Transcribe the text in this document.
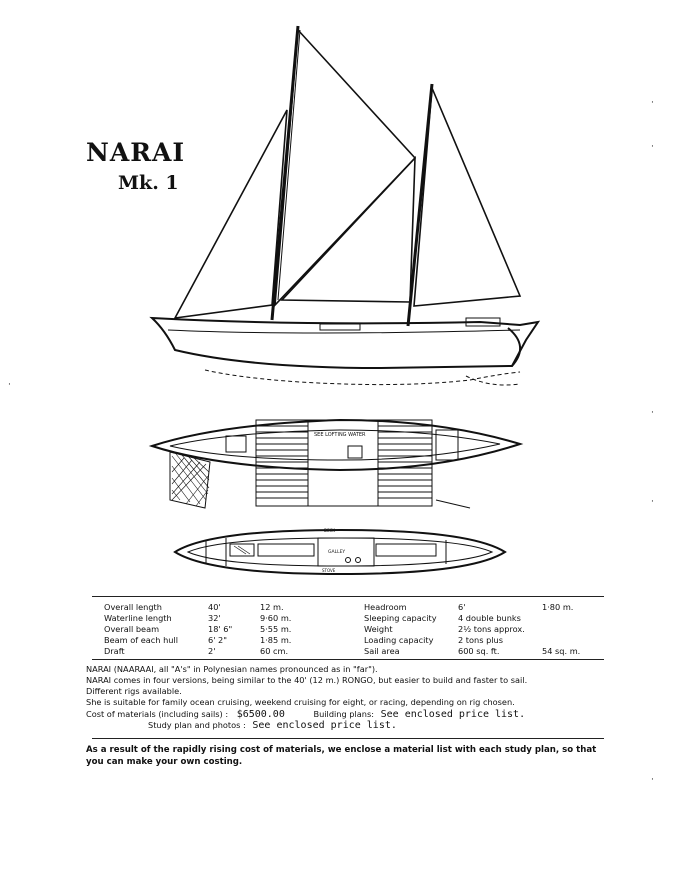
NARAI
Mk. 1
SEE LOFTING WATER
GALLEY
DECK
STOVE
Overall length	40'	12 m.	Headroom	6'	1·80 m.
Waterline length	32'	9·60 m.	Sleeping capacity	4 double bunks
Overall beam	18' 6"	5·55 m.	Weight	2½ tons approx.
Beam of each hull	6' 2"	1·85 m.	Loading capacity	2 tons plus
Draft	2'	60 cm.	Sail area	600 sq. ft.	54 sq. m.
NARAI (NAARAAI, all "A's" in Polynesian names pronounced as in "far").
NARAI comes in four versions, being similar to the 40' (12 m.) RONGO, but easier to build and faster to sail.
Different rigs available.
She is suitable for family ocean cruising, weekend cruising for eight, or racing, depending on rig chosen.
Cost of materials (including sails) : $6500.00	Building plans: See enclosed price list.
Study plan and photos : See enclosed price list.
As a result of the rapidly rising cost of materials, we enclose a material list with each study plan, so that you can make your own costing.
·
·
·
·
·
·
